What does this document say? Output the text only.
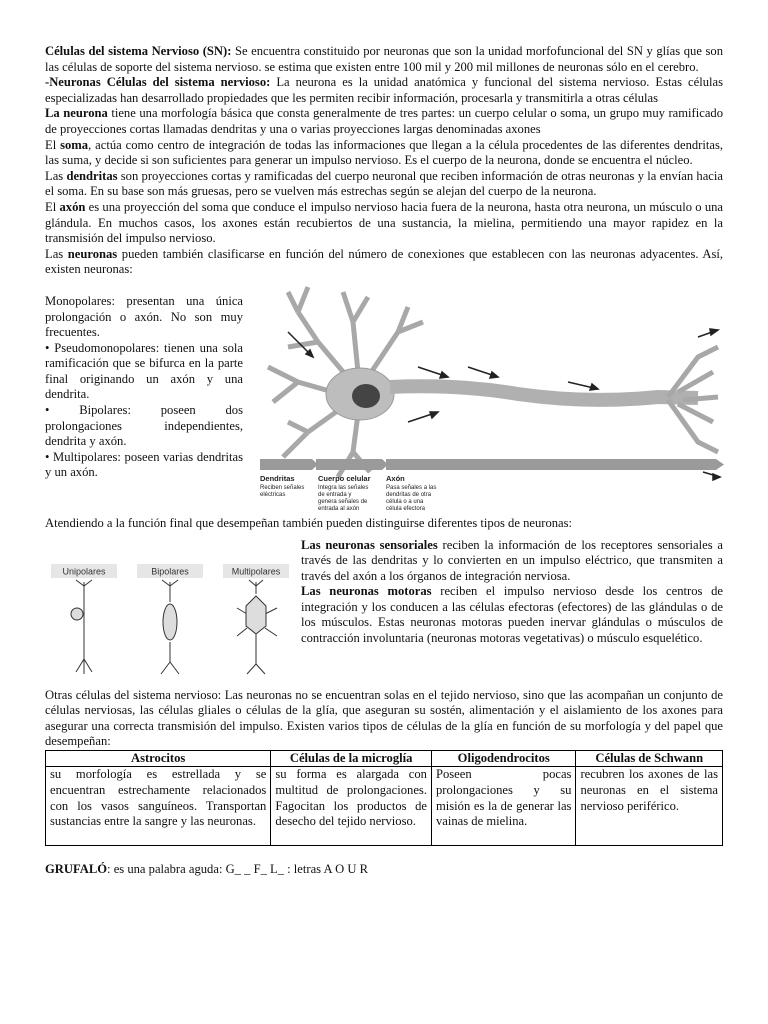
Células del sistema Nervioso (SN): Se encuentra constituido por neuronas que son la unidad morfofuncional del SN y glías que son las células de soporte del sistema nervioso. se estima que existen entre 100 mil y 200 mil millones de neuronas sólo en el cerebro.

-Neuronas Células del sistema nervioso: La neurona es la unidad anatómica y funcional del sistema nervioso. Estas células especializadas han desarrollado propiedades que les permiten recibir información, procesarla y transmitirla a otras células

La neurona tiene una morfología básica que consta generalmente de tres partes: un cuerpo celular o soma, un grupo muy ramificado de proyecciones cortas llamadas dendritas y una o varias proyecciones largas denominadas axones

El soma, actúa como centro de integración de todas las informaciones que llegan a la célula procedentes de las diferentes dendritas, las suma, y decide si son suficientes para generar un impulso nervioso. Es el cuerpo de la neurona, donde se encuentra el núcleo.

Las dendritas son proyecciones cortas y ramificadas del cuerpo neuronal que reciben información de otras neuronas y la envían hacia el soma. En su base son más gruesas, pero se vuelven más estrechas según se alejan del cuerpo de la neurona.

El axón es una proyección del soma que conduce el impulso nervioso hacia fuera de la neurona, hasta otra neurona, un músculo o una glándula. En muchos casos, los axones están recubiertos de una sustancia, la mielina, permitiendo una mayor rapidez en la transmisión del impulso nervioso.

Las neuronas pueden también clasificarse en función del número de conexiones que establecen con las neuronas adyacentes. Así, existen neuronas:

Monopolares: presentan una única prolongación o axón. No son muy frecuentes.

• Pseudomonopolares: tienen una sola ramificación que se bifurca en la parte final originando un axón y una dendrita.

• Bipolares: poseen dos prolongaciones independientes, dendrita y axón.

• Multipolares: poseen varias dendritas y un axón.	Dendritas
Reciben señales
eléctricas
Cuerpo celular
Integra las señales
de entrada y
genera señales de
entrada al axón
Axón
Pasa señales a las
dendritas de otra
célula o a una
célula efectora

Atendiendo a la función final que desempeñan también pueden distinguirse diferentes tipos de neuronas:

Unipolares	Bipolares	Multipolares

Las neuronas sensoriales reciben la información de los receptores sensoriales a través de las dendritas y lo convierten en un impulso eléctrico, que transmiten a través del axón a los órganos de integración nerviosa.

Las neuronas motoras reciben el impulso nervioso desde los centros de integración y los conducen a las células efectoras (efectores) de las glándulas o de los músculos. Estas neuronas motoras pueden inervar glándulas o músculos de contracción involuntaria (neuronas motoras vegetativas) o músculo esquelético.

Otras células del sistema nervioso: Las neuronas no se encuentran solas en el tejido nervioso, sino que las acompañan un conjunto de células nerviosas, las células gliales o células de la glía, que aseguran su sostén, alimentación y el aislamiento de los axones para asegurar una correcta transmisión del impulso. Existen varios tipos de células de la glía en función de su morfología y del papel que desempeñan:

Astrocitos	Células de la microglía	Oligodendrocitos	Células de Schwann
su morfología es estrellada y se encuentran estrechamente relacionados con los vasos sanguíneos. Transportan sustancias entre la sangre y las neuronas.	su forma es alargada con multitud de prolongaciones. Fagocitan los productos de desecho del tejido nervioso.	Poseen pocas prolongaciones y su misión es la de generar las vainas de mielina.	recubren los axones de las neuronas en el sistema nervioso periférico.

GRUFALÓ: es una palabra aguda: G_ _ F_ L_ : letras A O U R
